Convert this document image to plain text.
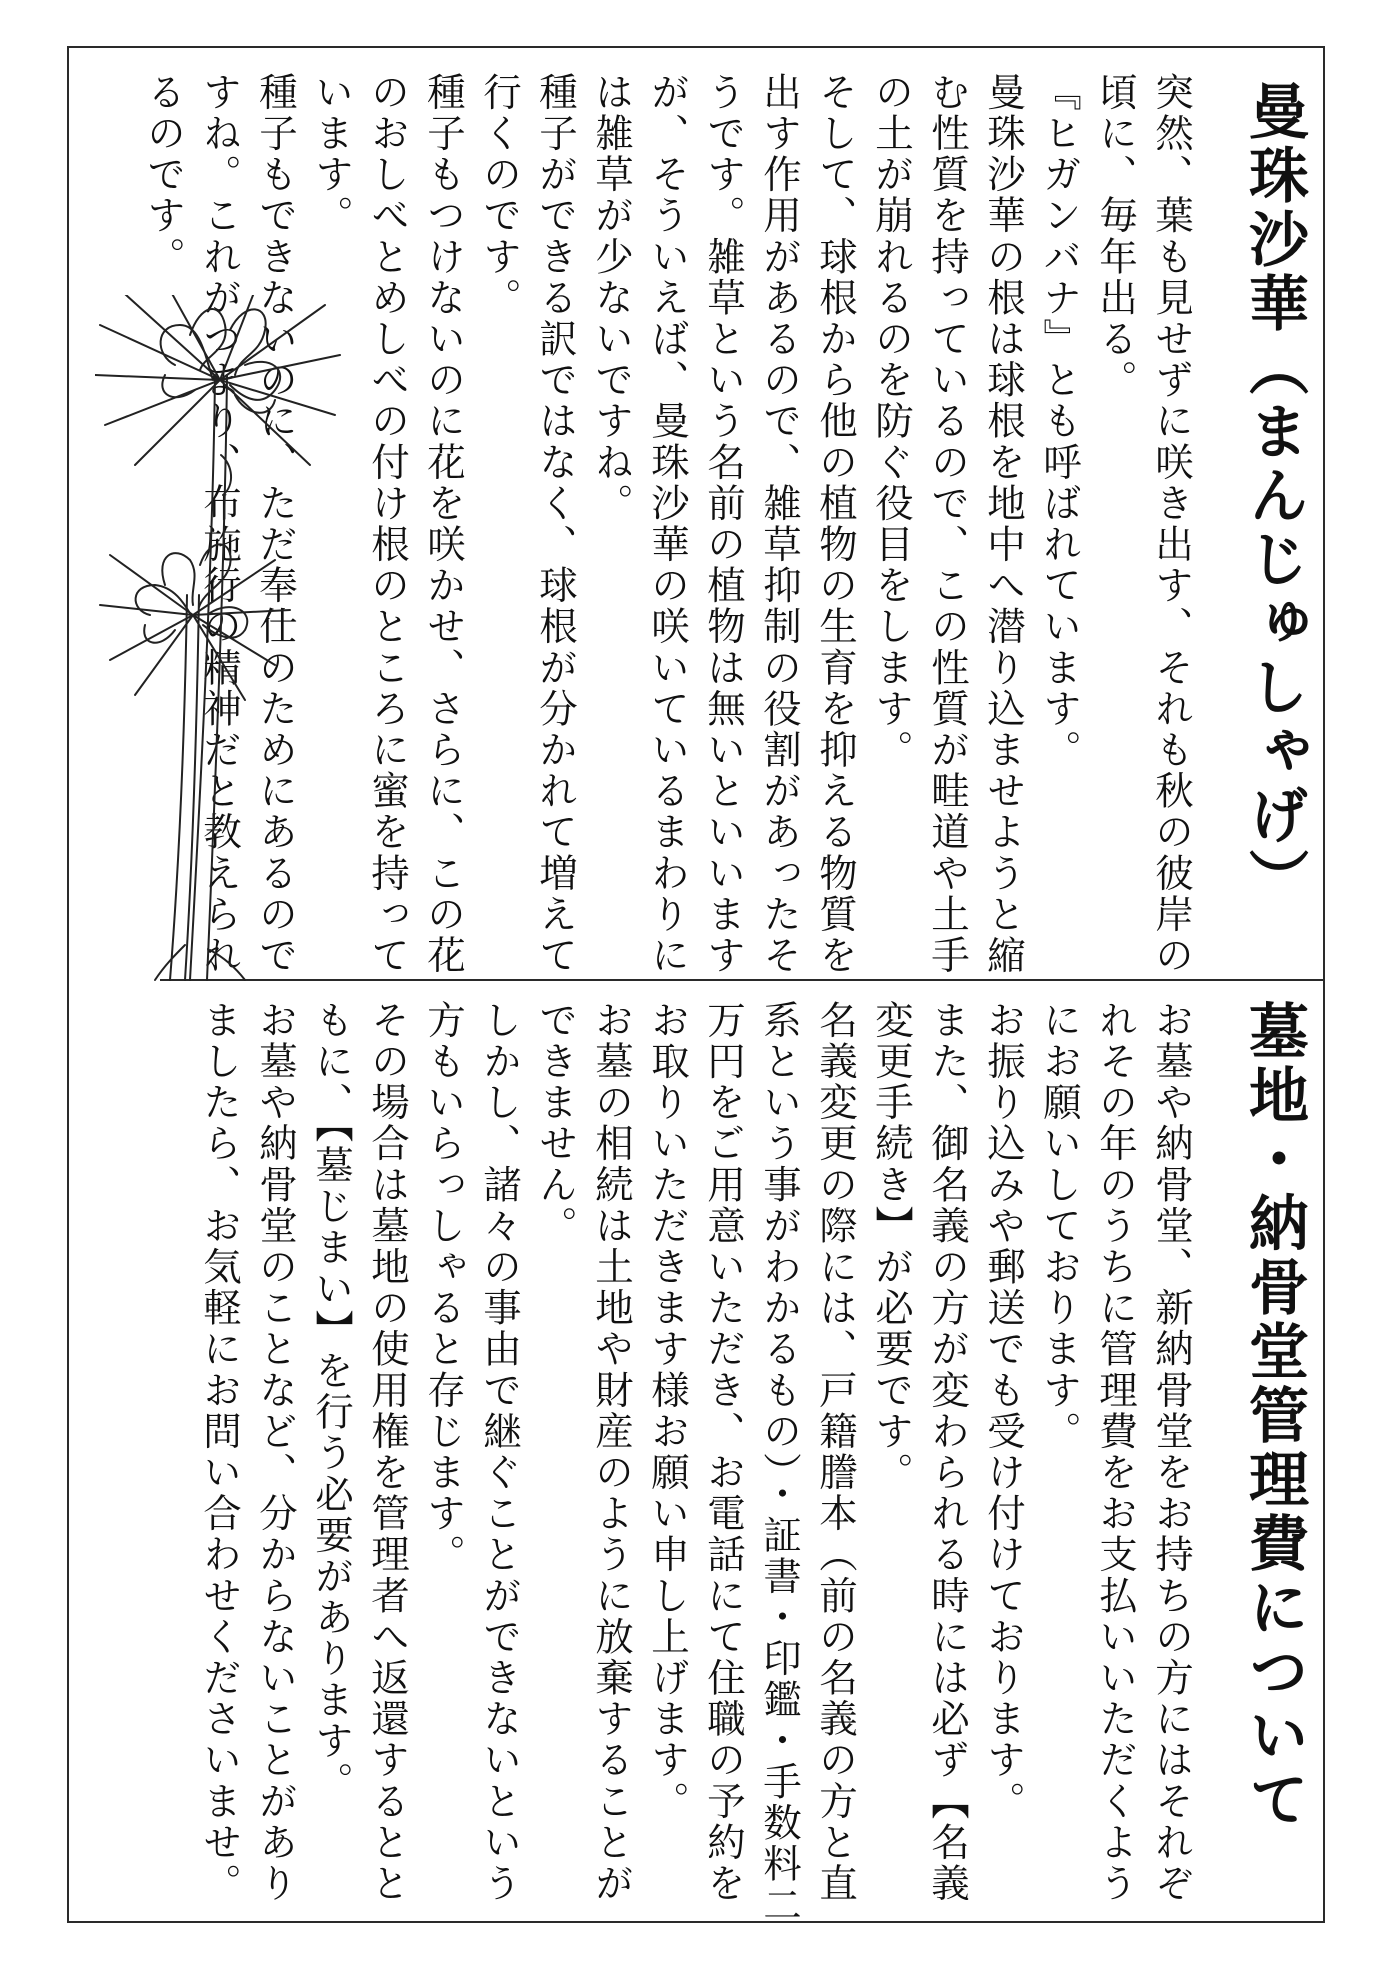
曼珠沙華（まんじゅしゃげ）
突然、葉も見せずに咲き出す、それも秋の彼岸の
頃に、毎年出る。
『ヒガンバナ』とも呼ばれています。
曼珠沙華の根は球根を地中へ潜り込ませようと縮
む性質を持っているので、この性質が畦道や土手
の土が崩れるのを防ぐ役目をします。
そして、球根から他の植物の生育を抑える物質を
出す作用があるので、雑草抑制の役割があったそ
うです。雑草という名前の植物は無いといいます
が、そういえば、曼珠沙華の咲いているまわりに
は雑草が少ないですね。
種子ができる訳ではなく、球根が分かれて増えて
行くのです。
種子もつけないのに花を咲かせ、さらに、この花
のおしべとめしべの付け根のところに蜜を持って
います。
種子もできないのに、ただ奉仕のためにあるので
すね。これがつまり、布施行の精神だと教えられ
るのです。
墓地・納骨堂管理費について
お墓や納骨堂、新納骨堂をお持ちの方にはそれぞ
れその年のうちに管理費をお支払いいただくよう
にお願いしております。
お振り込みや郵送でも受け付けております。
また、御名義の方が変わられる時には必ず【名義
変更手続き】が必要です。
名義変更の際には、戸籍謄本（前の名義の方と直
系という事がわかるもの）・証書・印鑑・手数料二
万円をご用意いただき、お電話にて住職の予約を
お取りいただきます様お願い申し上げます。
お墓の相続は土地や財産のように放棄することが
できません。
しかし、諸々の事由で継ぐことができないという
方もいらっしゃると存じます。
その場合は墓地の使用権を管理者へ返還するとと
もに、【墓じまい】を行う必要があります。
お墓や納骨堂のことなど、分からないことがあり
ましたら、お気軽にお問い合わせくださいませ。
